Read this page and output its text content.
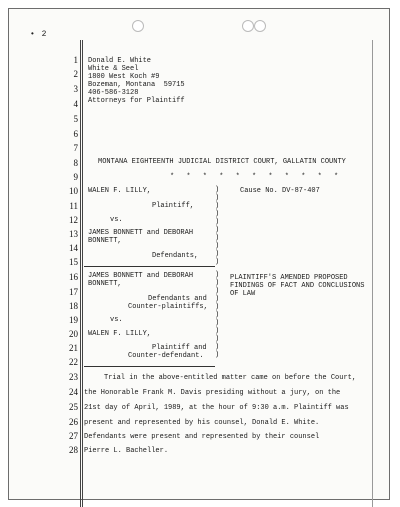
• 2
1
2
3
4
5
6
7
8
9
10
11
12
13
14
15
16
17
18
19
20
21
22
23
24
25
26
27
28
Donald E. White
White & Seel
1800 West Koch #9
Bozeman, Montana  59715
406-586-3128
Attorneys for Plaintiff
MONTANA EIGHTEENTH JUDICIAL DISTRICT COURT, GALLATIN COUNTY
* * * * * * * * * * *
WALEN F. LILLY,
Plaintiff,
vs.
JAMES BONNETT and DEBORAH
BONNETT,
Defendants,
Cause No. DV-87-407
)
)
)
)
)
)
)
)
)
)
JAMES BONNETT and DEBORAH
BONNETT,
Defendants and
Counter-plaintiffs,
vs.
WALEN F. LILLY,
Plaintiff and
Counter-defendant.
PLAINTIFF'S AMENDED PROPOSED
FINDINGS OF FACT AND CONCLUSIONS
OF LAW
)
)
)
)
)
)
)
)
)
)
)
Trial in the above-entitled matter came on before the Court,
the Honorable Frank M. Davis presiding without a jury, on the
21st day of April, 1989, at the hour of 9:30 a.m. Plaintiff was
present and represented by his counsel, Donald E. White.
Defendants were present and represented by their counsel
Pierre L. Bacheller.
